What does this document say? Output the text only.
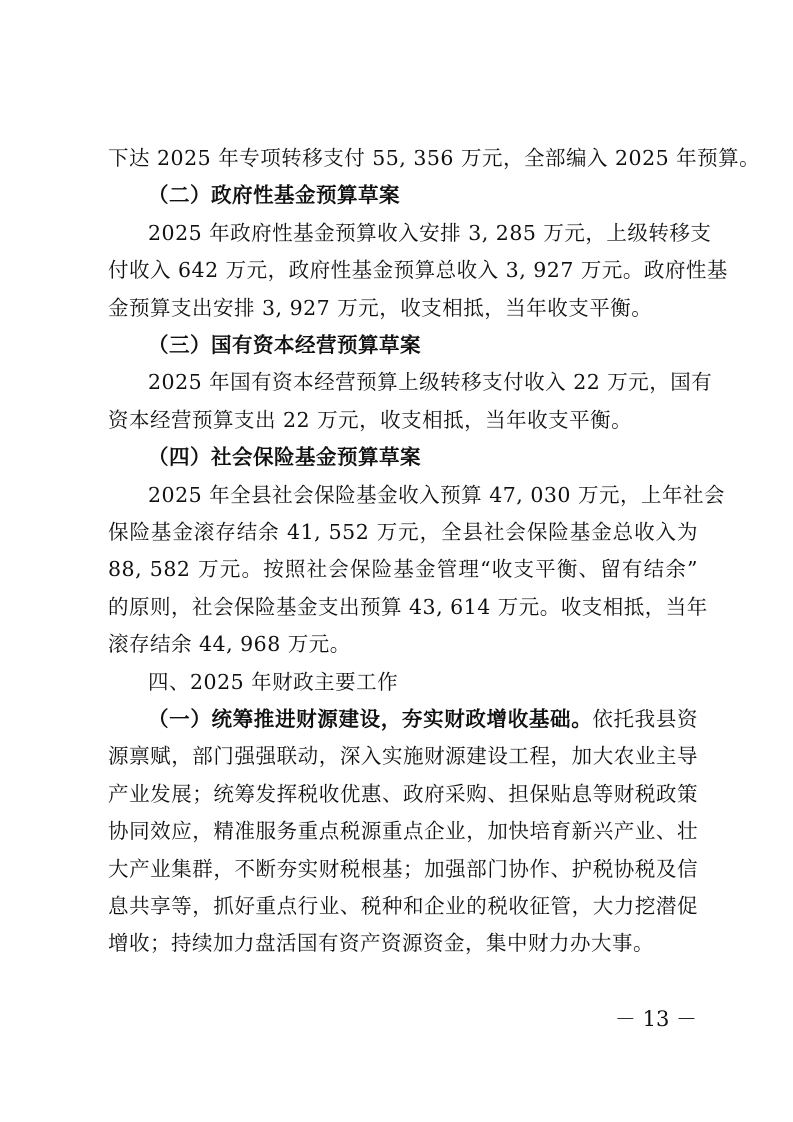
下达 2025 年专项转移支付 55, 356 万元，全部编入 2025 年预算。
（二）政府性基金预算草案
2025 年政府性基金预算收入安排 3, 285 万元，上级转移支
付收入 642 万元，政府性基金预算总收入 3, 927 万元。政府性基
金预算支出安排 3, 927 万元，收支相抵，当年收支平衡。
（三）国有资本经营预算草案
2025 年国有资本经营预算上级转移支付收入 22 万元，国有
资本经营预算支出 22 万元，收支相抵，当年收支平衡。
（四）社会保险基金预算草案
2025 年全县社会保险基金收入预算 47, 030 万元，上年社会
保险基金滚存结余 41, 552 万元，全县社会保险基金总收入为
88, 582 万元。按照社会保险基金管理“收支平衡、留有结余”
的原则，社会保险基金支出预算 43, 614 万元。收支相抵，当年
滚存结余 44, 968 万元。
四、2025 年财政主要工作
（一）统筹推进财源建设，夯实财政增收基础。依托我县资
源禀赋，部门强强联动，深入实施财源建设工程，加大农业主导
产业发展；统筹发挥税收优惠、政府采购、担保贴息等财税政策
协同效应，精准服务重点税源重点企业，加快培育新兴产业、壮
大产业集群，不断夯实财税根基；加强部门协作、护税协税及信
息共享等，抓好重点行业、税种和企业的税收征管，大力挖潜促
增收；持续加力盘活国有资产资源资金，集中财力办大事。
－ 13 －
